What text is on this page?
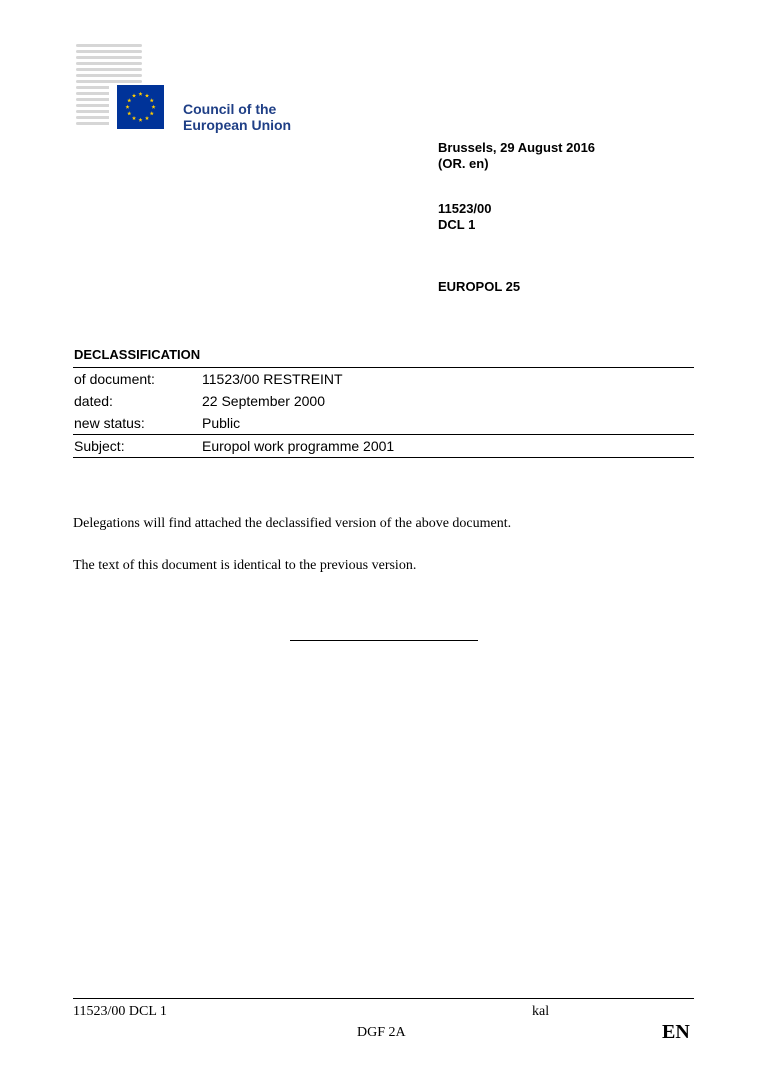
Council of the
European Union
Brussels, 29 August 2016
(OR. en)
11523/00
DCL 1
EUROPOL 25
DECLASSIFICATION
of document:	11523/00 RESTREINT
dated:	22 September 2000
new status:	Public
Subject:	Europol work programme 2001
Delegations will find attached the declassified version of the above document.
The text of this document is identical to the previous version.
11523/00 DCL 1	kal
DGF 2A	EN
